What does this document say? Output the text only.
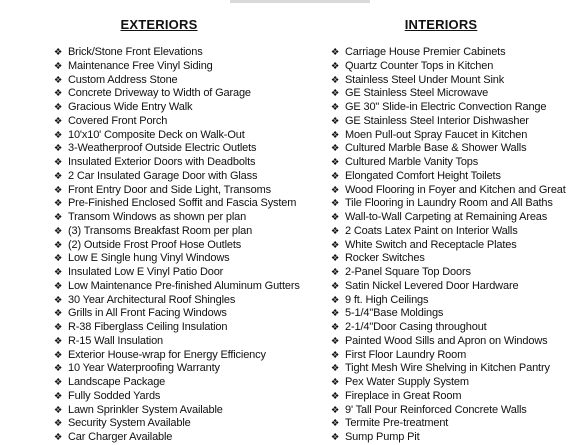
EXTERIORS
❖ Brick/Stone Front Elevations
❖ Maintenance Free Vinyl Siding
❖ Custom Address Stone
❖ Concrete Driveway to Width of Garage
❖ Gracious Wide Entry Walk
❖ Covered Front Porch
❖ 10'x10' Composite Deck on Walk-Out
❖ 3-Weatherproof Outside Electric Outlets
❖ Insulated Exterior Doors with Deadbolts
❖ 2 Car Insulated Garage Door with Glass
❖ Front Entry Door and Side Light, Transoms
❖ Pre-Finished Enclosed Soffit and Fascia System
❖ Transom Windows as shown per plan
❖ (3) Transoms Breakfast Room per plan
❖ (2) Outside Frost Proof Hose Outlets
❖ Low E Single hung Vinyl Windows
❖ Insulated Low E Vinyl Patio Door
❖ Low Maintenance Pre-finished Aluminum Gutters
❖ 30 Year Architectural Roof Shingles
❖ Grills in All Front Facing Windows
❖ R-38 Fiberglass Ceiling Insulation
❖ R-15 Wall Insulation
❖ Exterior House-wrap for Energy Efficiency
❖ 10 Year Waterproofing Warranty
❖ Landscape Package
❖ Fully Sodded Yards
❖ Lawn Sprinkler System Available
❖ Security System Available
❖ Car Charger Available
INTERIORS
❖ Carriage House Premier Cabinets
❖ Quartz Counter Tops in Kitchen
❖ Stainless Steel Under Mount Sink
❖ GE Stainless Steel Microwave
❖ GE 30" Slide-in Electric Convection Range
❖ GE Stainless Steel Interior Dishwasher
❖ Moen Pull-out Spray Faucet in Kitchen
❖ Cultured Marble Base & Shower Walls
❖ Cultured Marble Vanity Tops
❖ Elongated Comfort Height Toilets
❖ Wood Flooring in Foyer and Kitchen and Great
❖ Tile Flooring in Laundry Room and All Baths
❖ Wall-to-Wall Carpeting at Remaining Areas
❖ 2 Coats Latex Paint on Interior Walls
❖ White Switch and Receptacle Plates
❖ Rocker Switches
❖ 2-Panel Square Top Doors
❖ Satin Nickel Levered Door Hardware
❖ 9 ft. High Ceilings
❖ 5-1/4"Base Moldings
❖ 2-1/4"Door Casing throughout
❖ Painted Wood Sills and Apron on Windows
❖ First Floor Laundry Room
❖ Tight Mesh Wire Shelving in Kitchen Pantry
❖ Pex Water Supply System
❖ Fireplace in Great Room
❖ 9' Tall Pour Reinforced Concrete Walls
❖ Termite Pre-treatment
❖ Sump Pump Pit
